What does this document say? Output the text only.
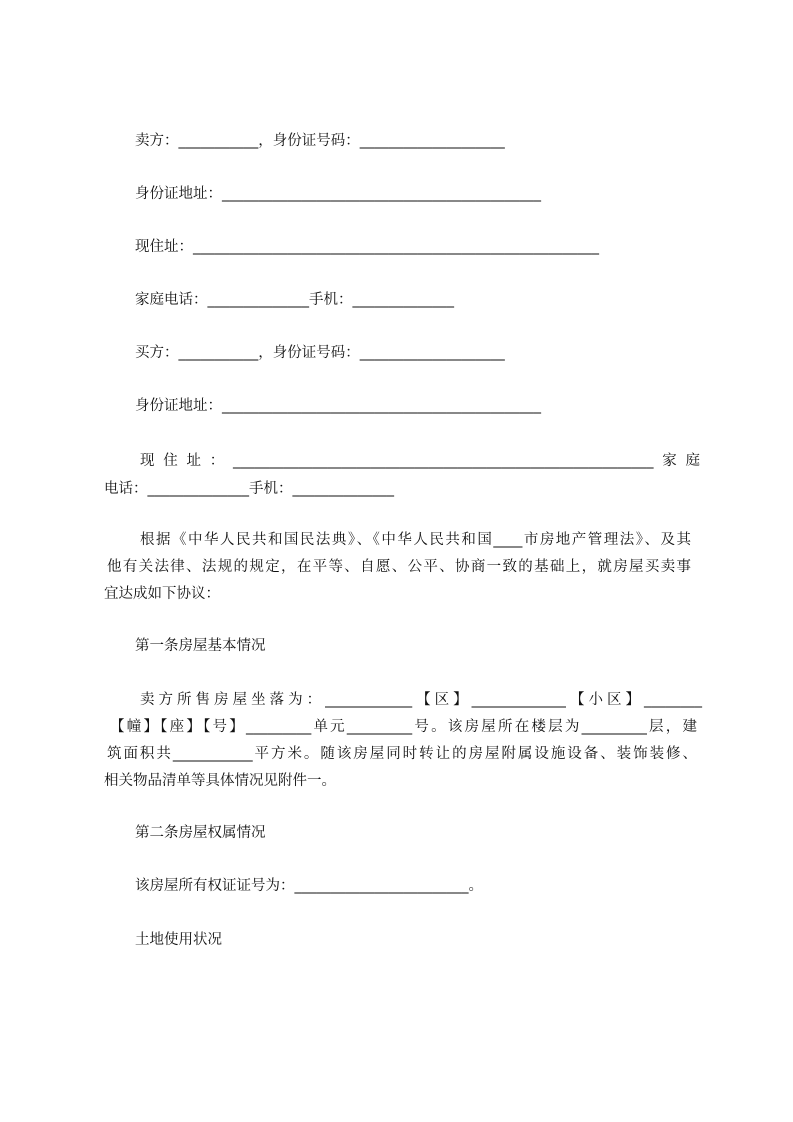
卖方：___________，身份证号码：____________________
身份证地址：____________________________________________
现住址：________________________________________________________
家庭电话：______________手机：______________
买方：___________，身份证号码：____________________
身份证地址：____________________________________________
现住址：__________________________________________________________家庭
电话：______________手机：______________
根据《中华人民共和国民法典》、《中华人民共和国____市房地产管理法》、及其
他有关法律、法规的规定，在平等、自愿、公平、协商一致的基础上，就房屋买卖事
宜达成如下协议：
第一条房屋基本情况
卖方所售房屋坐落为：____________【区】_____________【小区】________
【幢】【座】【号】_________单元_________号。该房屋所在楼层为_________层，建
筑面积共___________平方米。随该房屋同时转让的房屋附属设施设备、装饰装修、
相关物品清单等具体情况见附件一。
第二条房屋权属情况
该房屋所有权证证号为：________________________。
土地使用状况
